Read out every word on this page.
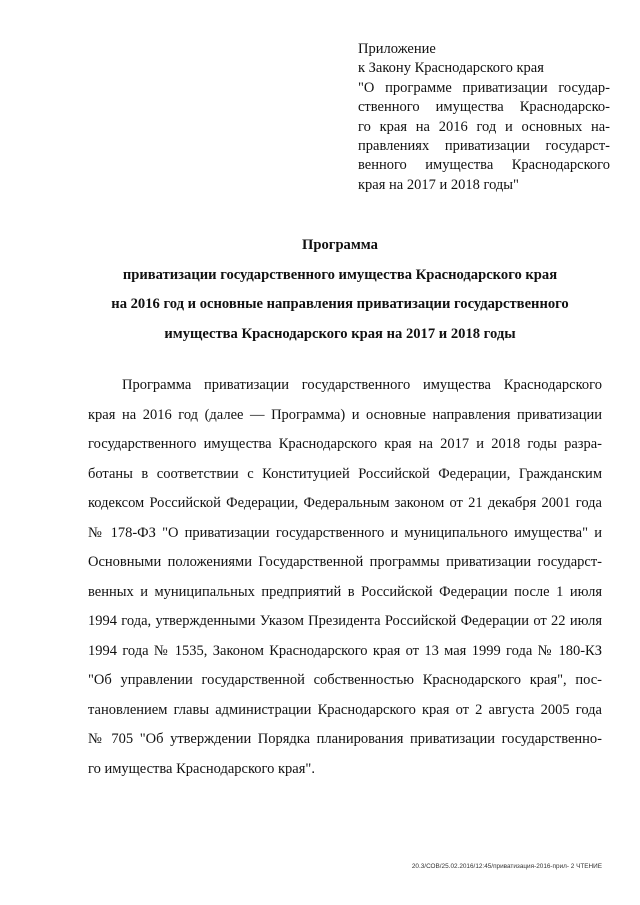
Приложение
к Закону Краснодарского края
"О программе приватизации государ-
ственного имущества Краснодарско-
го края на 2016 год и основных на-
правлениях приватизации государст-
венного имущества Краснодарского
края на 2017 и 2018 годы"
Программа
приватизации государственного имущества Краснодарского края
на 2016 год и основные направления приватизации государственного
имущества Краснодарского края на 2017 и 2018 годы
Программа приватизации государственного имущества Краснодарского
края на 2016 год (далее — Программа) и основные направления приватизации
государственного имущества Краснодарского края на 2017 и 2018 годы разра-
ботаны в соответствии с Конституцией Российской Федерации, Гражданским
кодексом Российской Федерации, Федеральным законом от 21 декабря 2001 года
№ 178-ФЗ "О приватизации государственного и муниципального имущества" и
Основными положениями Государственной программы приватизации государст-
венных и муниципальных предприятий в Российской Федерации после 1 июля
1994 года, утвержденными Указом Президента Российской Федерации от 22 июля
1994 года № 1535, Законом Краснодарского края от 13 мая 1999 года № 180-КЗ
"Об управлении государственной собственностью Краснодарского края", пос-
тановлением главы администрации Краснодарского края от 2 августа 2005 года
№ 705 "Об утверждении Порядка планирования приватизации государственно-
го имущества Краснодарского края".
20.3/СОВ/25.02.2016/12:45/приватизация-2016-прил- 2 ЧТЕНИЕ
